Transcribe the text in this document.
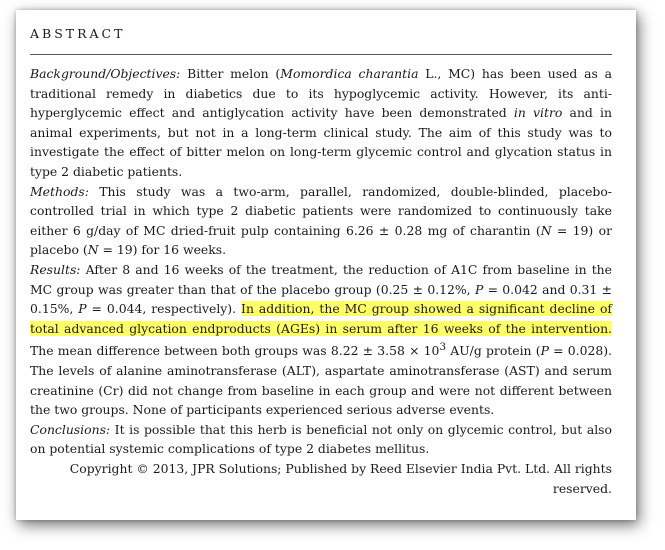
ABSTRACT

Background/Objectives: Bitter melon (Momordica charantia L., MC) has been used as a traditional remedy in diabetics due to its hypoglycemic activity. However, its anti-hyperglycemic effect and antiglycation activity have been demonstrated in vitro and in animal experiments, but not in a long-term clinical study. The aim of this study was to investigate the effect of bitter melon on long-term glycemic control and glycation status in type 2 diabetic patients.

Methods: This study was a two-arm, parallel, randomized, double-blinded, placebo-controlled trial in which type 2 diabetic patients were randomized to continuously take either 6 g/day of MC dried-fruit pulp containing 6.26 ± 0.28 mg of charantin (N = 19) or placebo (N = 19) for 16 weeks.

Results: After 8 and 16 weeks of the treatment, the reduction of A1C from baseline in the MC group was greater than that of the placebo group (0.25 ± 0.12%, P = 0.042 and 0.31 ± 0.15%, P = 0.044, respectively). In addition, the MC group showed a significant decline of total advanced glycation endproducts (AGEs) in serum after 16 weeks of the intervention. The mean difference between both groups was $8.22 \pm 3.58 \times 10^3$ AU/g protein (P = 0.028). The levels of alanine aminotransferase (ALT), aspartate aminotransferase (AST) and serum creatinine (Cr) did not change from baseline in each group and were not different between the two groups. None of participants experienced serious adverse events.

Conclusions: It is possible that this herb is beneficial not only on glycemic control, but also on potential systemic complications of type 2 diabetes mellitus.

Copyright © 2013, JPR Solutions; Published by Reed Elsevier India Pvt. Ltd. All rights reserved.
